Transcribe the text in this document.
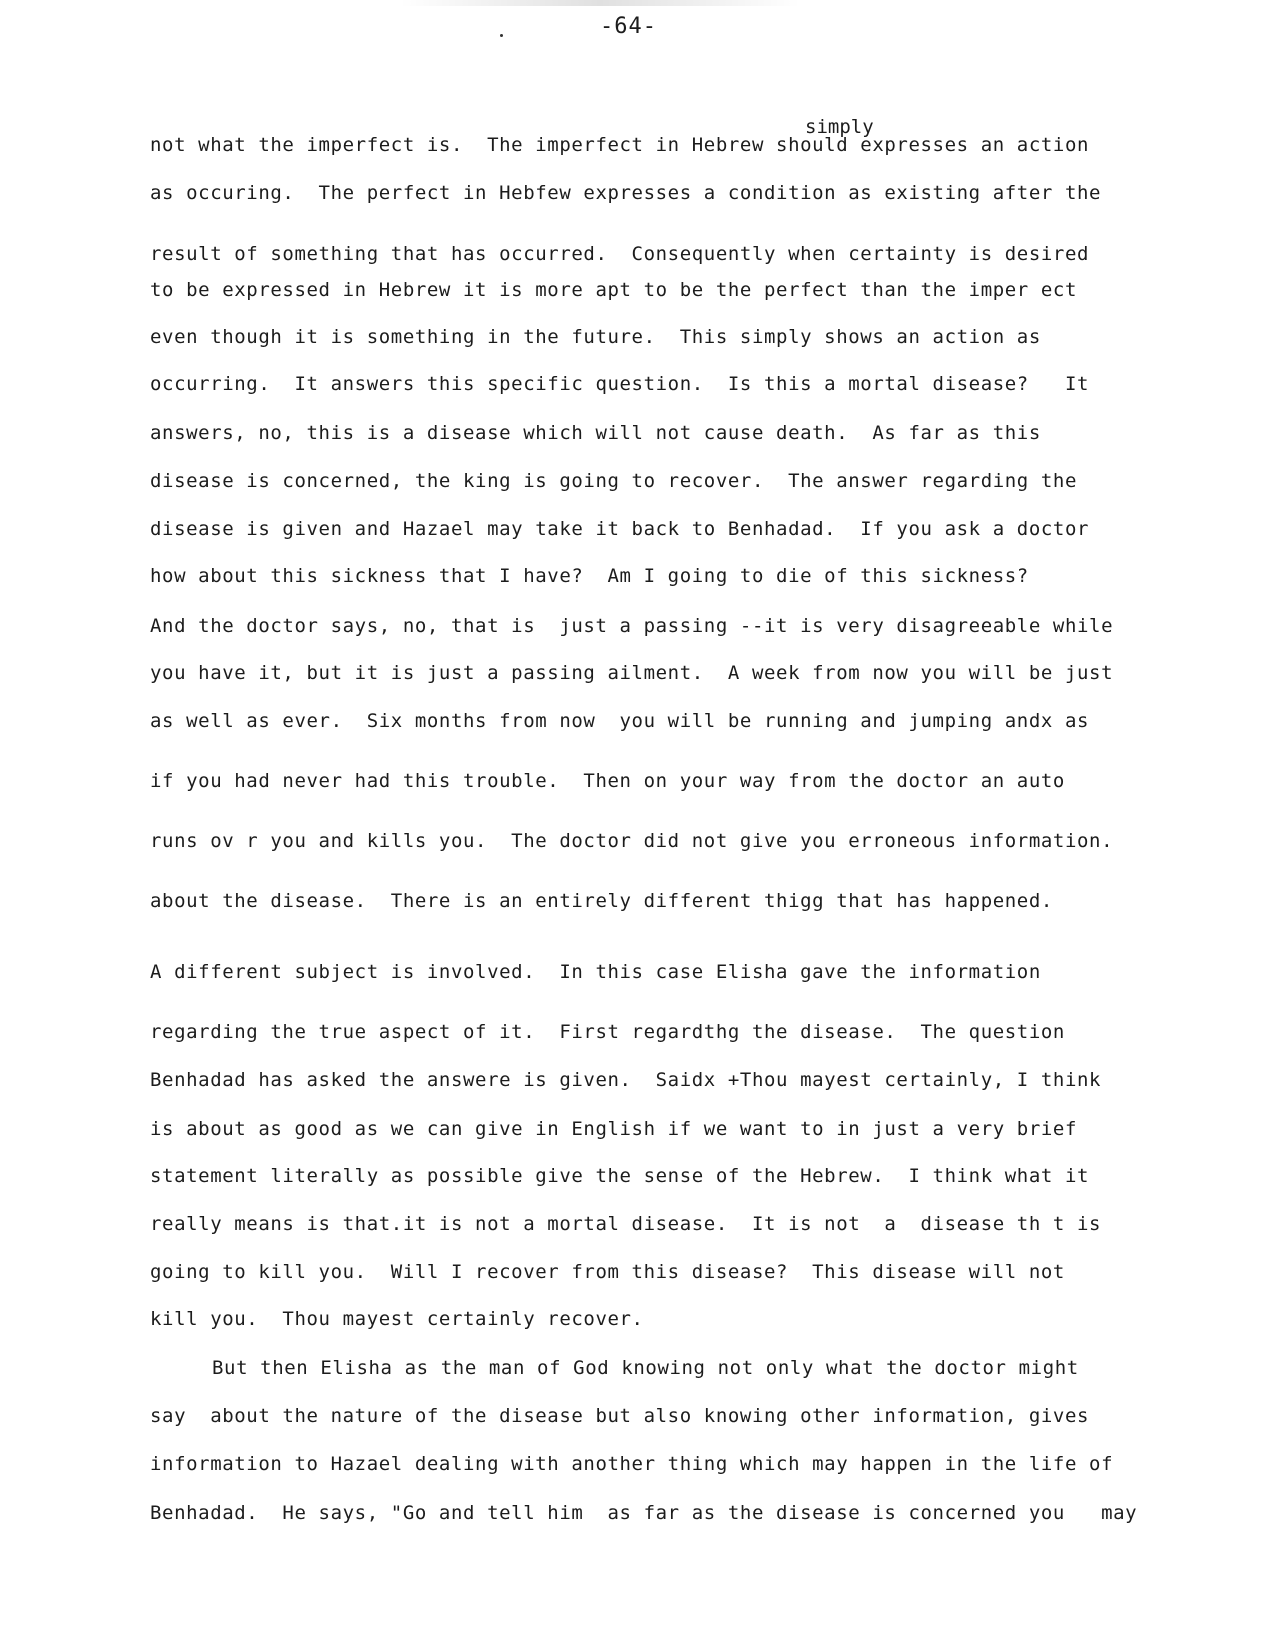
-64-
simply
not what the imperfect is.  The imperfect in Hebrew should expresses an action
as occuring.  The perfect in Hebfew expresses a condition as existing after the
result of something that has occurred.  Consequently when certainty is desired
to be expressed in Hebrew it is more apt to be the perfect than the imper ect
even though it is something in the future.  This simply shows an action as
occurring.  It answers this specific question.  Is this a mortal disease?   It
answers, no, this is a disease which will not cause death.  As far as this
disease is concerned, the king is going to recover.  The answer regarding the
disease is given and Hazael may take it back to Benhadad.  If you ask a doctor
how about this sickness that I have?  Am I going to die of this sickness?
And the doctor says, no, that is  just a passing --it is very disagreeable while
you have it, but it is just a passing ailment.  A week from now you will be just
as well as ever.  Six months from now  you will be running and jumping andx as
if you had never had this trouble.  Then on your way from the doctor an auto
runs ov r you and kills you.  The doctor did not give you erroneous information.
about the disease.  There is an entirely different thigg that has happened.
A different subject is involved.  In this case Elisha gave the information
regarding the true aspect of it.  First regardthg the disease.  The question
Benhadad has asked the answere is given.  Saidx +Thou mayest certainly, I think
is about as good as we can give in English if we want to in just a very brief
statement literally as possible give the sense of the Hebrew.  I think what it
really means is that.it is not a mortal disease.  It is not  a  disease th t is
going to kill you.  Will I recover from this disease?  This disease will not
kill you.  Thou mayest certainly recover.
But then Elisha as the man of God knowing not only what the doctor might
say  about the nature of the disease but also knowing other information, gives
information to Hazael dealing with another thing which may happen in the life of
Benhadad.  He says, "Go and tell him  as far as the disease is concerned you   may
